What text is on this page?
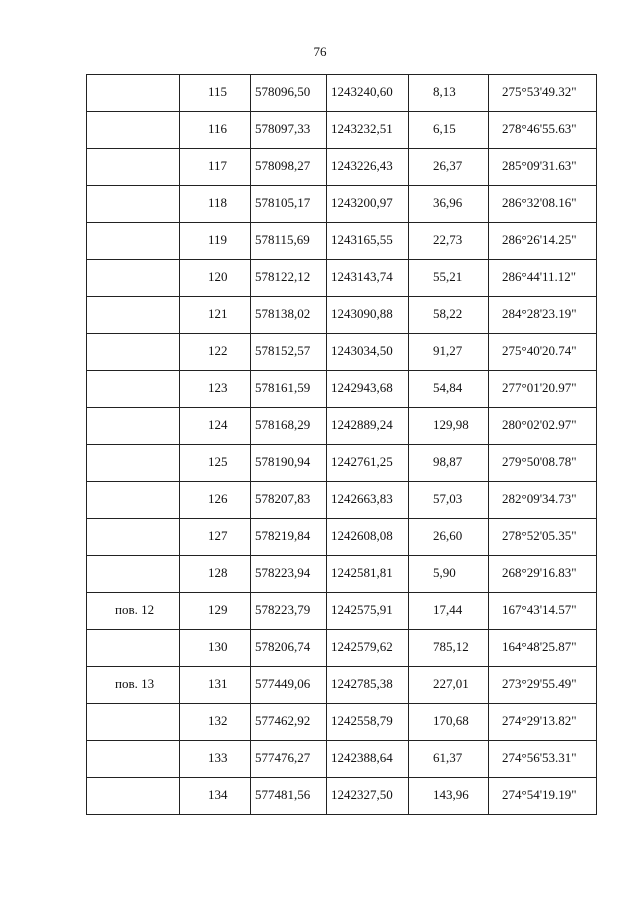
76

	115	578096,50	1243240,60	8,13	275°53'49.32"

	116	578097,33	1243232,51	6,15	278°46'55.63"

	117	578098,27	1243226,43	26,37	285°09'31.63"

	118	578105,17	1243200,97	36,96	286°32'08.16"

	119	578115,69	1243165,55	22,73	286°26'14.25"

	120	578122,12	1243143,74	55,21	286°44'11.12"

	121	578138,02	1243090,88	58,22	284°28'23.19"

	122	578152,57	1243034,50	91,27	275°40'20.74"

	123	578161,59	1242943,68	54,84	277°01'20.97"

	124	578168,29	1242889,24	129,98	280°02'02.97"

	125	578190,94	1242761,25	98,87	279°50'08.78"

	126	578207,83	1242663,83	57,03	282°09'34.73"

	127	578219,84	1242608,08	26,60	278°52'05.35"

	128	578223,94	1242581,81	5,90	268°29'16.83"

пов. 12	129	578223,79	1242575,91	17,44	167°43'14.57"

	130	578206,74	1242579,62	785,12	164°48'25.87"

пов. 13	131	577449,06	1242785,38	227,01	273°29'55.49"

	132	577462,92	1242558,79	170,68	274°29'13.82"

	133	577476,27	1242388,64	61,37	274°56'53.31"

	134	577481,56	1242327,50	143,96	274°54'19.19"
